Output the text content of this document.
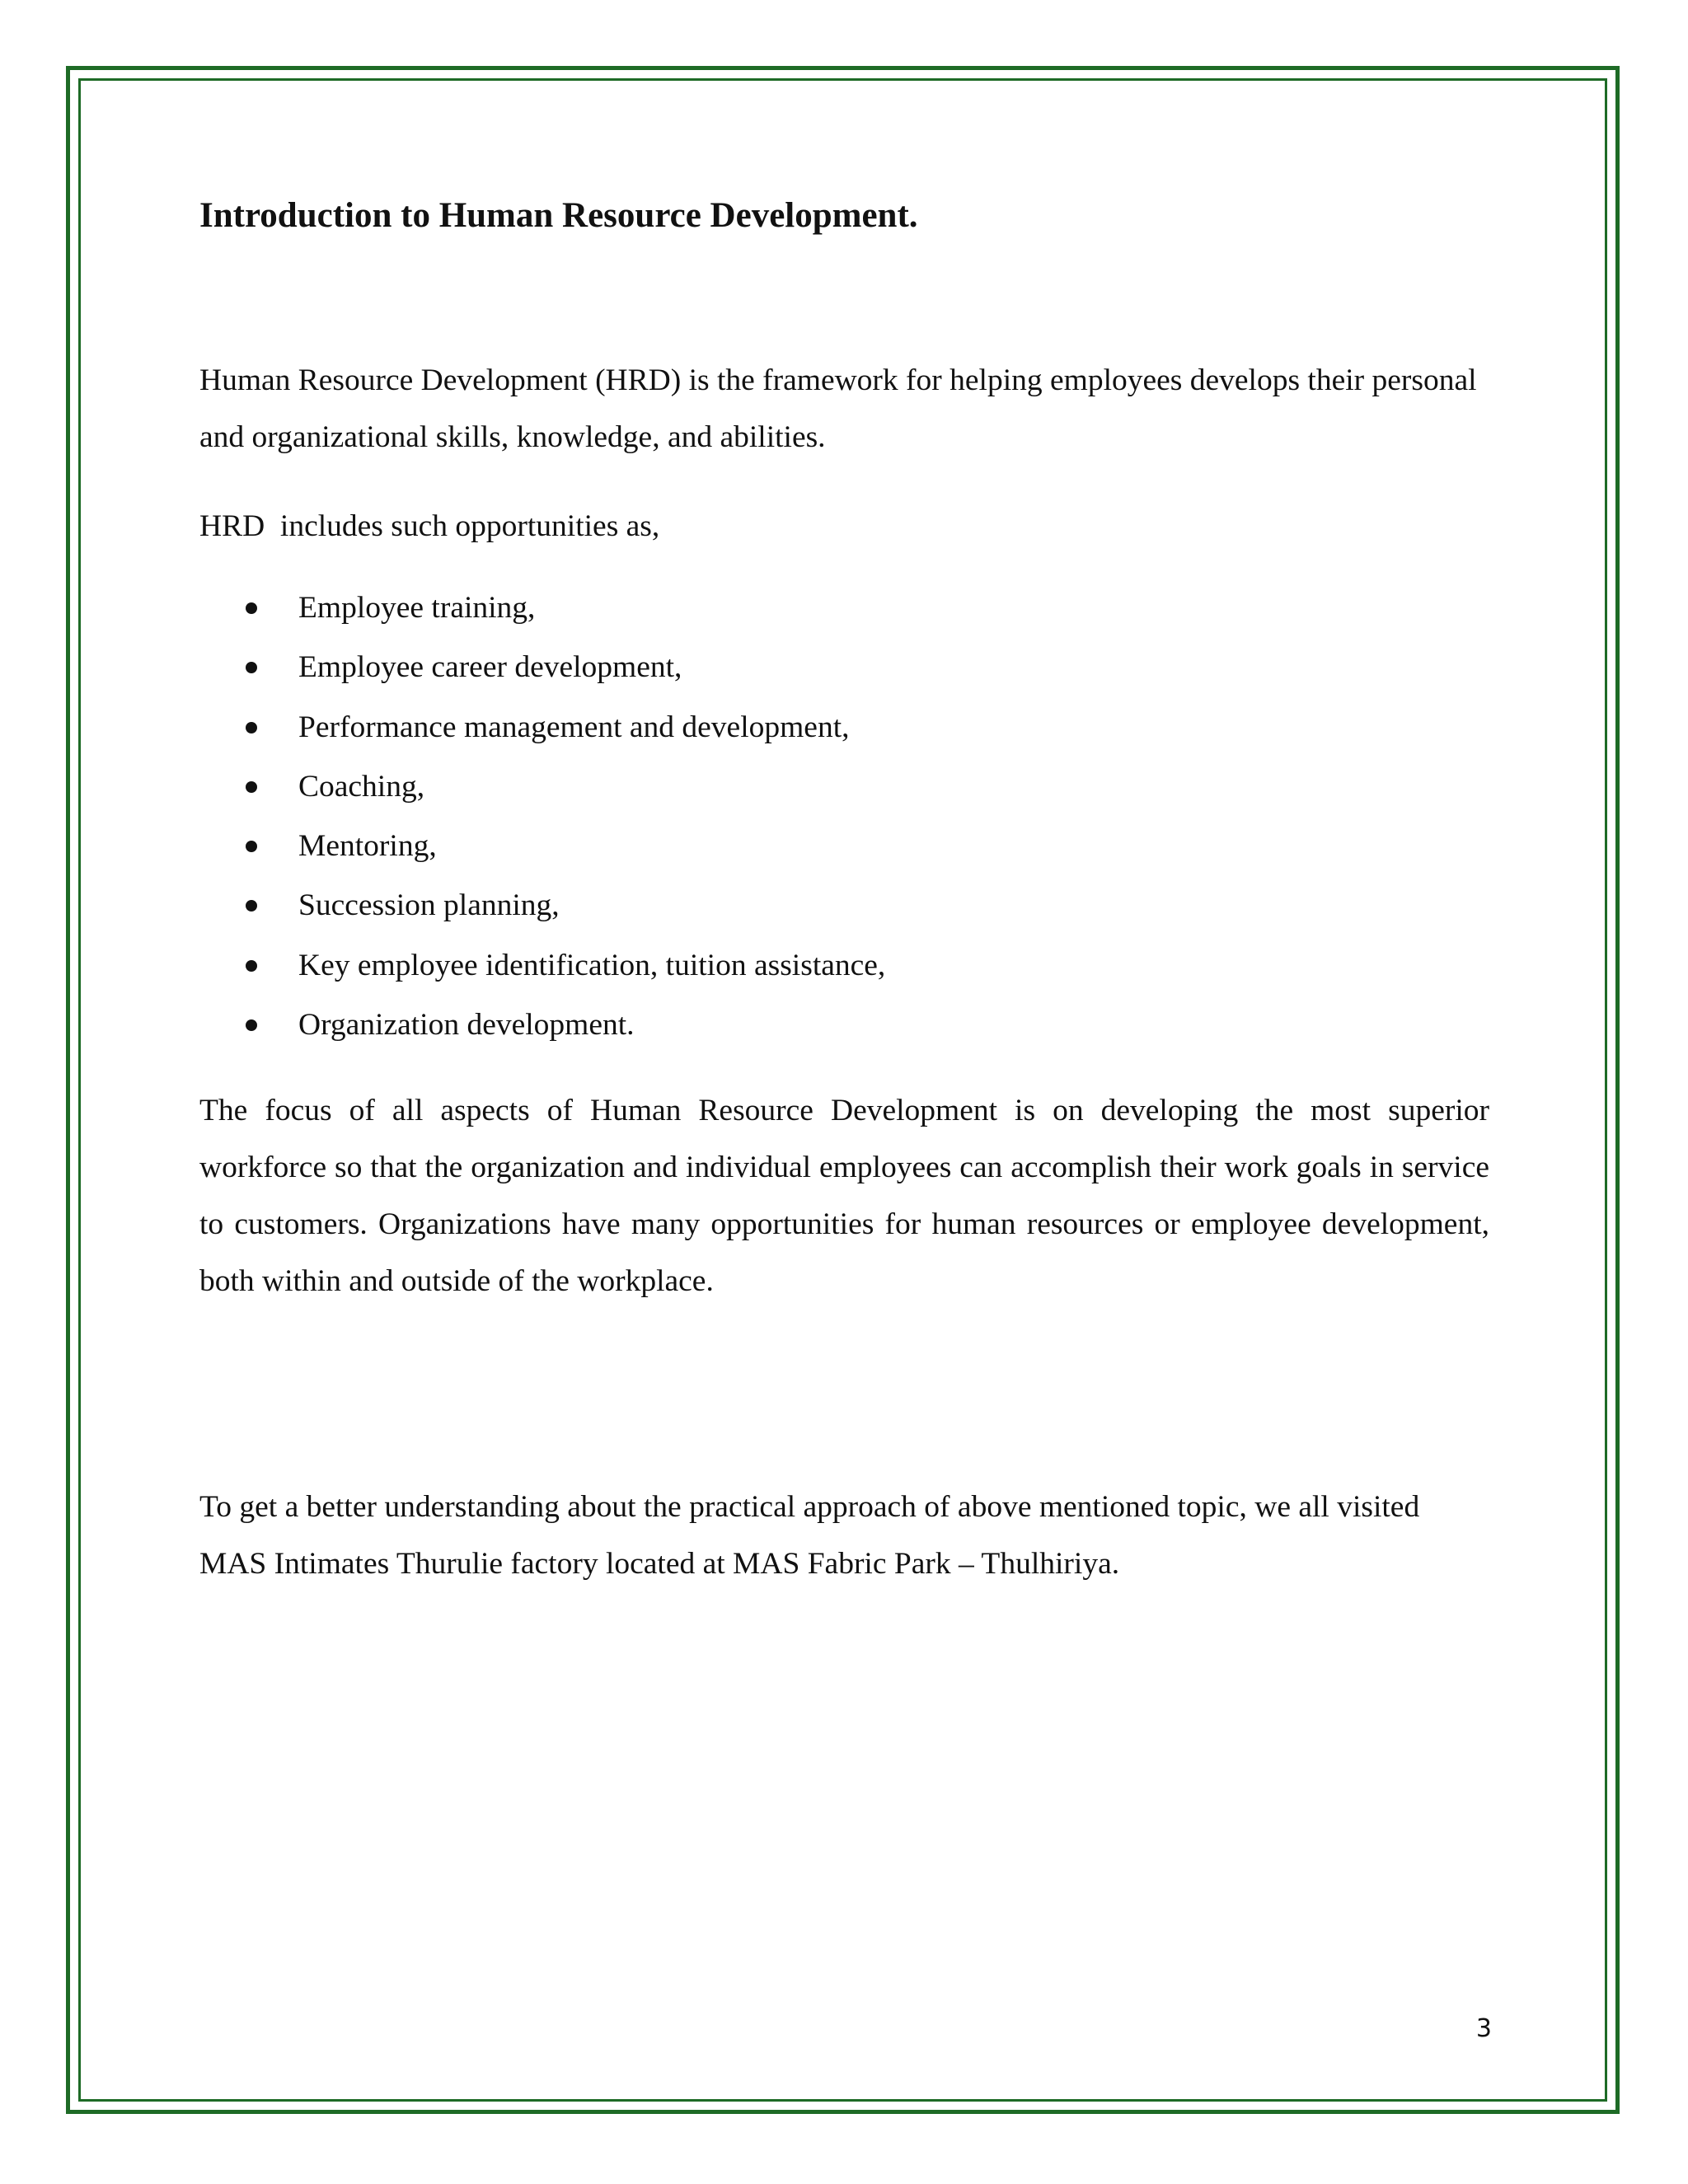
Introduction to Human Resource Development.

Human Resource Development (HRD) is the framework for helping employees develops their personal and organizational skills, knowledge, and abilities.

HRD  includes such opportunities as,

Employee training,
Employee career development,
Performance management and development,
Coaching,
Mentoring,
Succession planning,
Key employee identification, tuition assistance,
Organization development.

The focus of all aspects of Human Resource Development is on developing the most superior workforce so that the organization and individual employees can accomplish their work goals in service to customers. Organizations have many opportunities for human resources or employee development, both within and outside of the workplace.

To get a better understanding about the practical approach of above mentioned topic, we all visited MAS Intimates Thurulie factory located at MAS Fabric Park – Thulhiriya.

3
